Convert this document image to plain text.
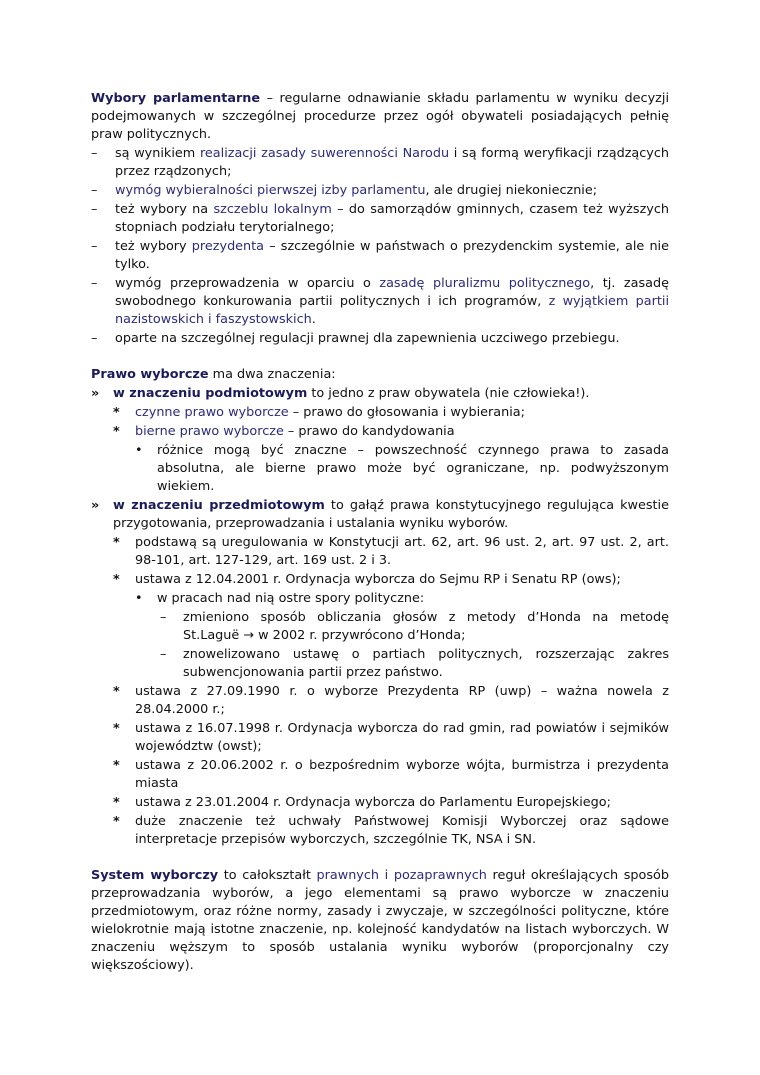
Wybory parlamentarne – regularne odnawianie składu parlamentu w wyniku decyzji podejmowanych w szczególnej procedurze przez ogół obywateli posiadających pełnię praw politycznych.
– są wynikiem realizacji zasady suwerenności Narodu i są formą weryfikacji rządzących przez rządzonych;
– wymóg wybieralności pierwszej izby parlamentu, ale drugiej niekoniecznie;
– też wybory na szczeblu lokalnym – do samorządów gminnych, czasem też wyższych stopniach podziału terytorialnego;
– też wybory prezydenta – szczególnie w państwach o prezydenckim systemie, ale nie tylko.
– wymóg przeprowadzenia w oparciu o zasadę pluralizmu politycznego, tj. zasadę swobodnego konkurowania partii politycznych i ich programów, z wyjątkiem partii nazistowskich i faszystowskich.
– oparte na szczególnej regulacji prawnej dla zapewnienia uczciwego przebiegu.
Prawo wyborcze ma dwa znaczenia:
» w znaczeniu podmiotowym to jedno z praw obywatela (nie człowieka!).
* czynne prawo wyborcze – prawo do głosowania i wybierania;
* bierne prawo wyborcze – prawo do kandydowania
• różnice mogą być znaczne – powszechność czynnego prawa to zasada absolutna, ale bierne prawo może być ograniczane, np. podwyższonym wiekiem.
» w znaczeniu przedmiotowym to gałąź prawa konstytucyjnego regulująca kwestie przygotowania, przeprowadzania i ustalania wyniku wyborów.
* podstawą są uregulowania w Konstytucji art. 62, art. 96 ust. 2, art. 97 ust. 2, art. 98-101, art. 127-129, art. 169 ust. 2 i 3.
* ustawa z 12.04.2001 r. Ordynacja wyborcza do Sejmu RP i Senatu RP (ows);
• w pracach nad nią ostre spory polityczne:
– zmieniono sposób obliczania głosów z metody d’Honda na metodę St.Laguë → w 2002 r. przywrócono d’Honda;
– znowelizowano ustawę o partiach politycznych, rozszerzając zakres subwencjonowania partii przez państwo.
* ustawa z 27.09.1990 r. o wyborze Prezydenta RP (uwp) – ważna nowela z 28.04.2000 r.;
* ustawa z 16.07.1998 r. Ordynacja wyborcza do rad gmin, rad powiatów i sejmików województw (owst);
* ustawa z 20.06.2002 r. o bezpośrednim wyborze wójta, burmistrza i prezydenta miasta
* ustawa z 23.01.2004 r. Ordynacja wyborcza do Parlamentu Europejskiego;
* duże znaczenie też uchwały Państwowej Komisji Wyborczej oraz sądowe interpretacje przepisów wyborczych, szczególnie TK, NSA i SN.
System wyborczy to całokształt prawnych i pozaprawnych reguł określających sposób przeprowadzania wyborów, a jego elementami są prawo wyborcze w znaczeniu przedmiotowym, oraz różne normy, zasady i zwyczaje, w szczególności polityczne, które wielokrotnie mają istotne znaczenie, np. kolejność kandydatów na listach wyborczych. W znaczeniu węższym to sposób ustalania wyniku wyborów (proporcjonalny czy większościowy).
